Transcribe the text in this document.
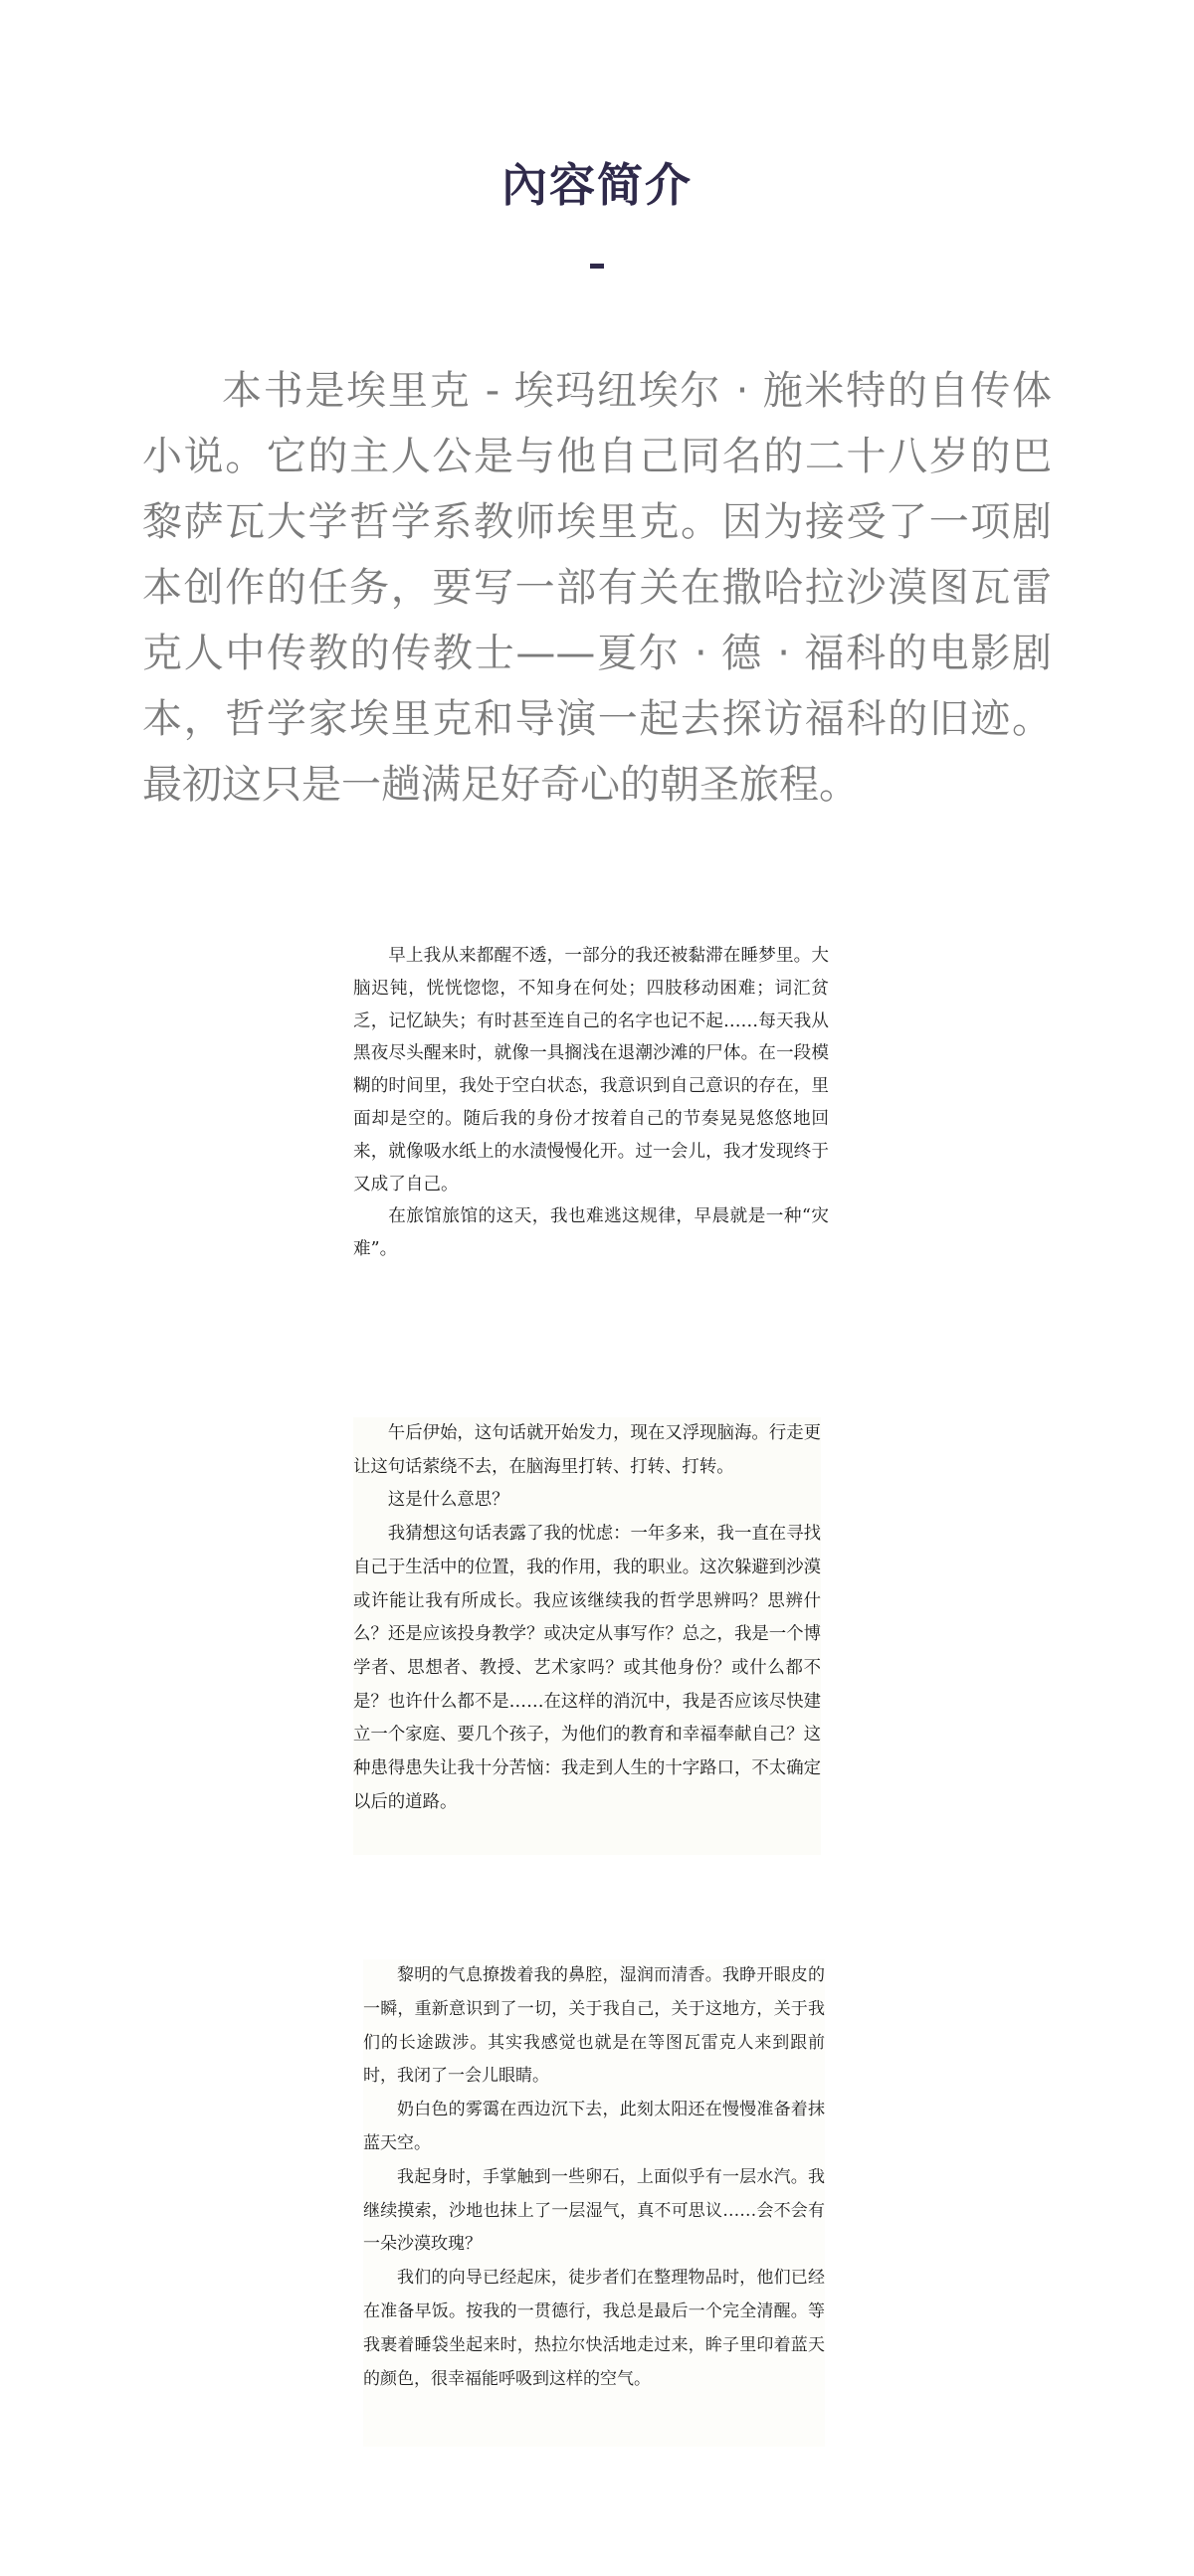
內容简介

本书是埃里克 - 埃玛纽埃尔 · 施米特的自传体小说。它的主人公是与他自己同名的二十八岁的巴黎萨瓦大学哲学系教师埃里克。因为接受了一项剧本创作的任务，要写一部有关在撒哈拉沙漠图瓦雷克人中传教的传教士——夏尔 · 德 · 福科的电影剧本，哲学家埃里克和导演一起去探访福科的旧迹。最初这只是一趟满足好奇心的朝圣旅程。

早上我从来都醒不透，一部分的我还被黏滞在睡梦里。大脑迟钝，恍恍惚惚，不知身在何处；四肢移动困难；词汇贫乏，记忆缺失；有时甚至连自己的名字也记不起……每天我从黑夜尽头醒来时，就像一具搁浅在退潮沙滩的尸体。在一段模糊的时间里，我处于空白状态，我意识到自己意识的存在，里面却是空的。随后我的身份才按着自己的节奏晃晃悠悠地回来，就像吸水纸上的水渍慢慢化开。过一会儿，我才发现终于又成了自己。

在旅馆旅馆的这天，我也难逃这规律，早晨就是一种“灾难”。

午后伊始，这句话就开始发力，现在又浮现脑海。行走更让这句话萦绕不去，在脑海里打转、打转、打转。

这是什么意思？

我猜想这句话表露了我的忧虑：一年多来，我一直在寻找自己于生活中的位置，我的作用，我的职业。这次躲避到沙漠或许能让我有所成长。我应该继续我的哲学思辨吗？思辨什么？还是应该投身教学？或决定从事写作？总之，我是一个博学者、思想者、教授、艺术家吗？或其他身份？或什么都不是？也许什么都不是……在这样的消沉中，我是否应该尽快建立一个家庭、要几个孩子，为他们的教育和幸福奉献自己？这种患得患失让我十分苦恼：我走到人生的十字路口，不太确定以后的道路。

黎明的气息撩拨着我的鼻腔，湿润而清香。我睁开眼皮的一瞬，重新意识到了一切，关于我自己，关于这地方，关于我们的长途跋涉。其实我感觉也就是在等图瓦雷克人来到跟前时，我闭了一会儿眼睛。

奶白色的雾霭在西边沉下去，此刻太阳还在慢慢准备着抹蓝天空。

我起身时，手掌触到一些卵石，上面似乎有一层水汽。我继续摸索，沙地也抹上了一层湿气，真不可思议……会不会有一朵沙漠玫瑰？

我们的向导已经起床，徒步者们在整理物品时，他们已经在准备早饭。按我的一贯德行，我总是最后一个完全清醒。等我裹着睡袋坐起来时，热拉尔快活地走过来，眸子里印着蓝天的颜色，很幸福能呼吸到这样的空气。
